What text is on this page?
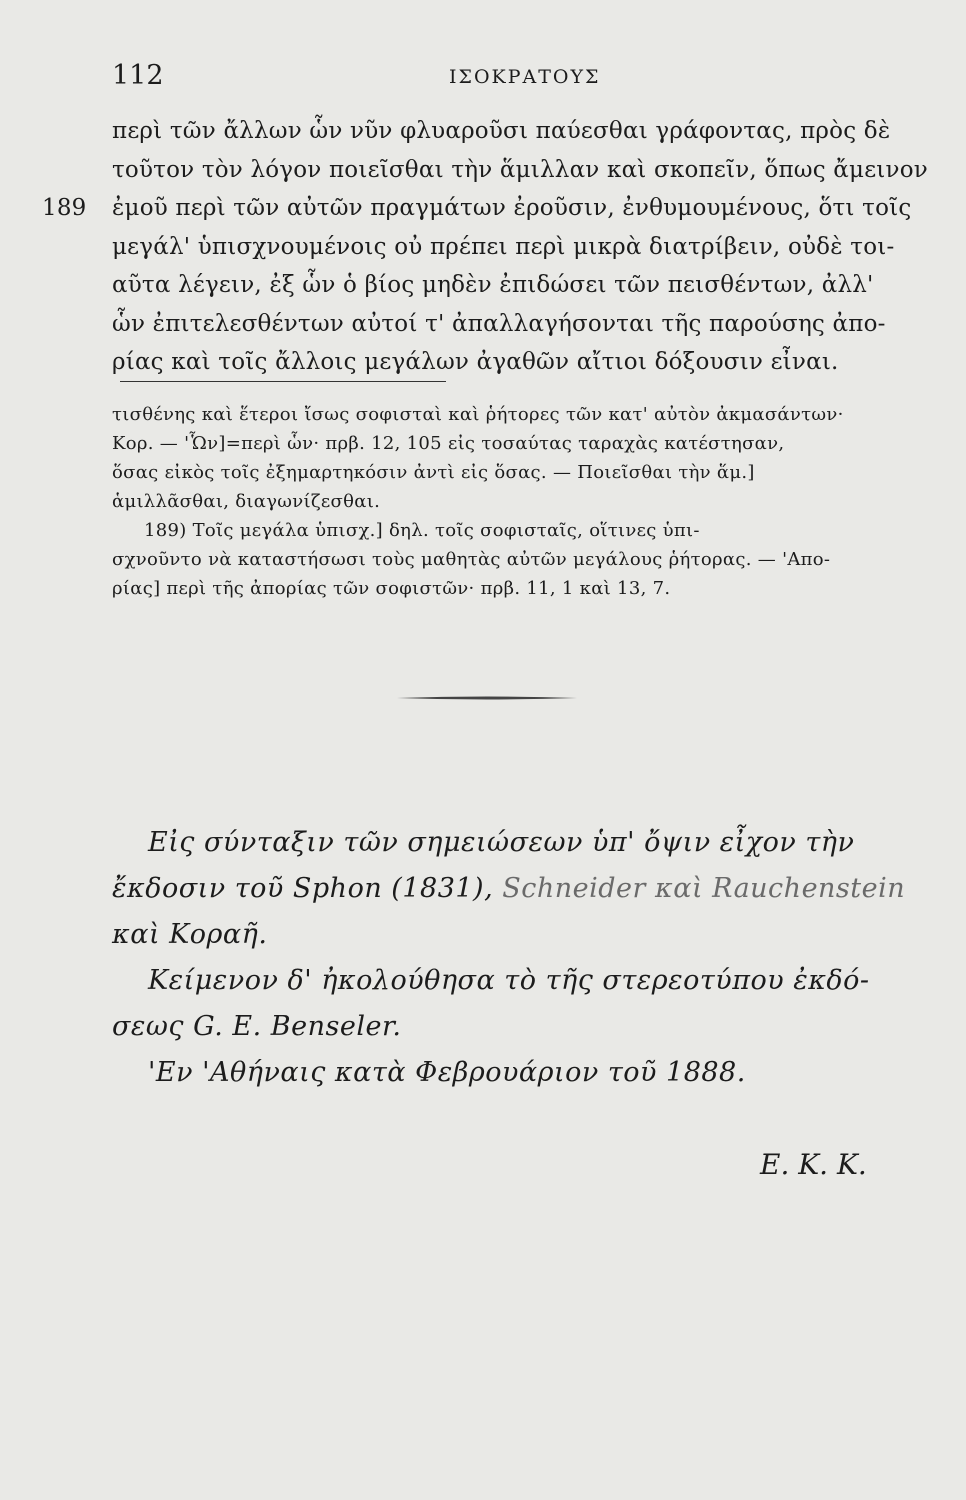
112	ΙΣΟΚΡΑΤΟΥΣ
περὶ τῶν ἄλλων ὧν νῦν φλυαροῦσι παύεσθαι γράφοντας, πρὸς δὲ
τοῦτον τὸν λόγον ποιεῖσθαι τὴν ἅμιλλαν καὶ σκοπεῖν, ὅπως ἄμεινον
189 ἐμοῦ περὶ τῶν αὐτῶν πραγμάτων ἐροῦσιν, ἐνθυμουμένους, ὅτι τοῖς
μεγάλ' ὑπισχνουμένοις οὐ πρέπει περὶ μικρὰ διατρίβειν, οὐδὲ τοι-
αῦτα λέγειν, ἐξ ὧν ὁ βίος μηδὲν ἐπιδώσει τῶν πεισθέντων, ἀλλ'
ὧν ἐπιτελεσθέντων αὐτοί τ' ἀπαλλαγήσονται τῆς παρούσης ἀπο-
ρίας καὶ τοῖς ἄλλοις μεγάλων ἀγαθῶν αἴτιοι δόξουσιν εἶναι.
τισθένης καὶ ἕτεροι ἴσως σοφισταὶ καὶ ῥήτορες τῶν κατ' αὐτὸν ἀκμασάντων·
Κορ. — 'Ὧν]=περὶ ὧν· πρβ. 12, 105 εἰς τοσαύτας ταραχὰς κατέστησαν,
ὅσας εἰκὸς τοῖς ἐξημαρτηκόσιν ἀντὶ εἰς ὅσας. — Ποιεῖσθαι τὴν ἅμ.]
ἁμιλλᾶσθαι, διαγωνίζεσθαι.
189) Τοῖς μεγάλα ὑπισχ.] δηλ. τοῖς σοφισταῖς, οἵτινες ὑπι-
σχνοῦντο νὰ καταστήσωσι τοὺς μαθητὰς αὐτῶν μεγάλους ῥήτορας. — 'Απο-
ρίας] περὶ τῆς ἀπορίας τῶν σοφιστῶν· πρβ. 11, 1 καὶ 13, 7.
Εἰς σύνταξιν τῶν σημειώσεων ὑπ' ὄψιν εἶχον τὴν
ἔκδοσιν τοῦ Sphon (1831), Schneider καὶ Rauchenstein
καὶ Κοραῆ.
Κείμενον δ' ἠκολούθησα τὸ τῆς στερεοτύπου ἐκδό-
σεως G. E. Benseler.
'Εν 'Αθήναις κατὰ Φεβρουάριον τοῦ 1888.
E. K. K.
